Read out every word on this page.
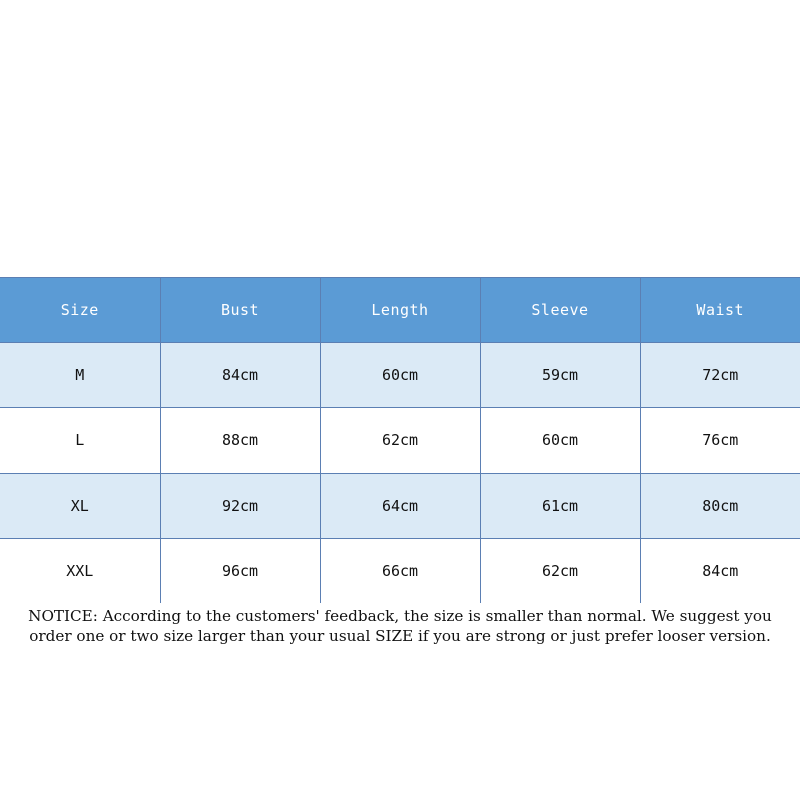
Size	Bust	Length	Sleeve	Waist
M	84cm	60cm	59cm	72cm
L	88cm	62cm	60cm	76cm
XL	92cm	64cm	61cm	80cm
XXL	96cm	66cm	62cm	84cm

NOTICE: According to the customers' feedback, the size is smaller than normal. We suggest you order one or two size larger than your usual SIZE if you are strong or just prefer looser version.
